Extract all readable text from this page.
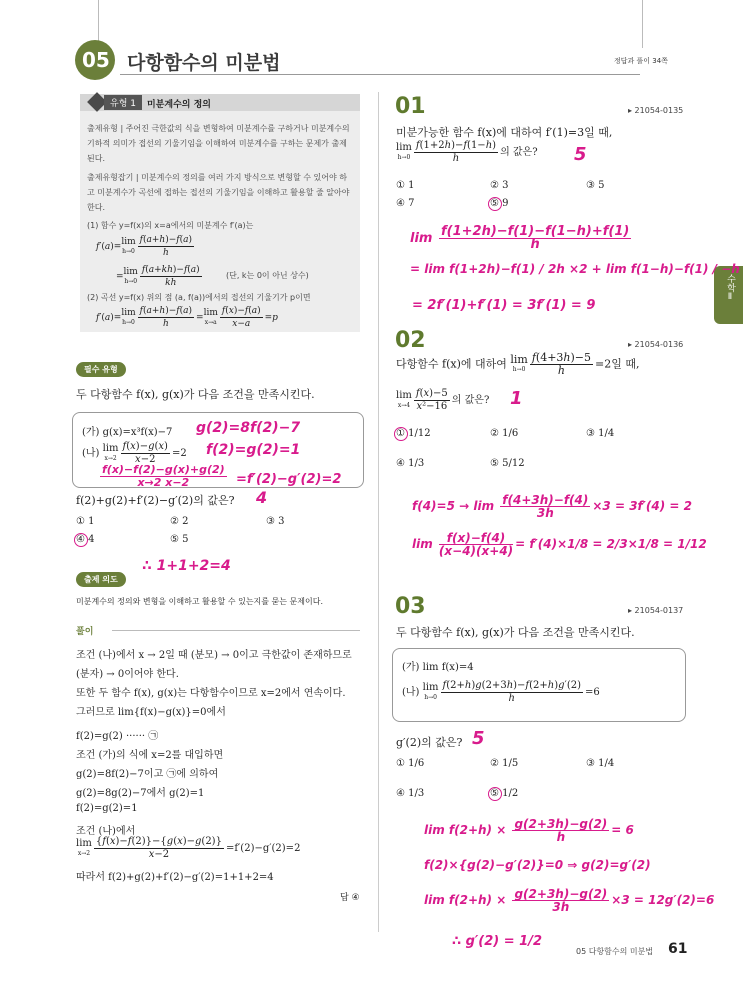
05 다항함수의 미분법	정답과 풀이 34쪽
수학Ⅱ
유형 1	미분계수의 정의
출제유형 | 주어진 극한값의 식을 변형하여 미분계수를 구하거나 미분계수의 기하적 의미가 접선의 기울기임을 이해하여 미분계수를 구하는 문제가 출제된다.
출제유형잡기 | 미분계수의 정의를 여러 가지 방식으로 변형할 수 있어야 하고 미분계수가 곡선에 접하는 접선의 기울기임을 이해하고 활용할 줄 알아야 한다.
(1) 함수 y=f(x)의 x=a에서의 미분계수 f′(a)는
f′(a)=lim
$h\to 0 \frac{f(a+h)-f(a)}{h}$
=lim
$h\to 0 \frac{f(a+kh)-f(a)}{kh}$	(단, k는 0이 아닌 상수)
(2) 곡선 y=f(x) 위의 점 (a, f(a))에서의 접선의 기울기가 p이면
f′(a)=lim
$h\to 0 \frac{f(a+h)-f(a)}{h} =\lim$
$x\to a \frac{f(x)-f(a)}{x-a} =p$
필수 유형
두 다항함수 f(x), g(x)가 다음 조건을 만족시킨다.
(가) g(x)=x³f(x)−7
(나) lim
$x\to 2 \frac{f(x)-g(x)}{x-2} =2$
g(2)=8f(2)−7
f(2)=g(2)=1
$\frac{f(x)-f(2)-g(x)+g(2)}{x\to 2 x-2} =f'(2)-g'(2)=2$
f(2)+g(2)+f′(2)−g′(2)의 값은? 4
① 1	② 2	③ 3
④ 4	⑤ 5
∴ 1+1+2=4
출제 의도
미분계수의 정의와 변형을 이해하고 활용할 수 있는지를 묻는 문제이다.
풀이
조건 (나)에서 x → 2일 때 (분모) → 0이고 극한값이 존재하므로
(분자) → 0이어야 한다.
또한 두 함수 f(x), g(x)는 다항함수이므로 x=2에서 연속이다.
그러므로 lim{f(x)−g(x)}=0에서
f(2)=g(2) ······ ㉠
조건 (가)의 식에 x=2를 대입하면
g(2)=8f(2)−7이고 ㉠에 의하여
g(2)=8g(2)−7에서 g(2)=1
f(2)=g(2)=1
조건 (나)에서
lim
$x\to 2 \frac{\{f(x)-f(2)\}-\{g(x)-g(2)\}}{x-2} =f'(2)-g'(2)=2$
따라서 f(2)+g(2)+f′(2)−g′(2)=1+1+2=4
답 ④
01	▸ 21054-0135
미분가능한 함수 f(x)에 대하여 f′(1)=3일 때,
lim
$h\to 0 \frac{f(1+2h)-f(1-h)}{h}$ 의 값은? 5
① 1	② 3	③ 5
④ 7	⑤ 9
$\lim \frac{f(1+2h)-f(1)-f(1-h)+f(1)}{h}$
= lim f(1+2h)−f(1) / 2h ×2 + lim f(1−h)−f(1) / −h
= 2f′(1)+f′(1) = 3f′(1) = 9
02	▸ 21054-0136
다항함수 f(x)에 대하여 lim
$h\to 0 \frac{f(4+3h)-5}{h} =2$일 때,
lim
$x\to 4 \frac{f(x)-5}{\text{x²−16}}$ 의 값은? 1
① 1/12	② 1/6	③ 1/4
④ 1/3	⑤ 5/12
$f(4)=5 \to \lim \frac{f(4+3h)-f(4)}{3h} \times 3 = 3f'(4) = 2$
$\lim \frac{f(x)-f(4)}{(x-4)(x+4)} = f'(4)\times 1/8 = 2/3\times 1/8 = 1/12$
03	▸ 21054-0137
두 다항함수 f(x), g(x)가 다음 조건을 만족시킨다.
(가) lim f(x)=4
(나) lim
$h\to 0 \frac{f(2+h)g(2+3h)-f(2+h)g'(2)}{h} =6$
g′(2)의 값은? 5
① 1/6	② 1/5	③ 1/4
④ 1/3	⑤ 1/2
$\lim f(2+h) \times \frac{g(2+3h)-g(2)}{h} = 6$
f(2)×{g(2)−g′(2)}=0 ⇒ g(2)=g′(2)
$\lim f(2+h) \times \frac{g(2+3h)-g(2)}{3h} \times 3 = 12g'(2)=6$
∴ g′(2) = 1/2
05 다항함수의 미분법 61
